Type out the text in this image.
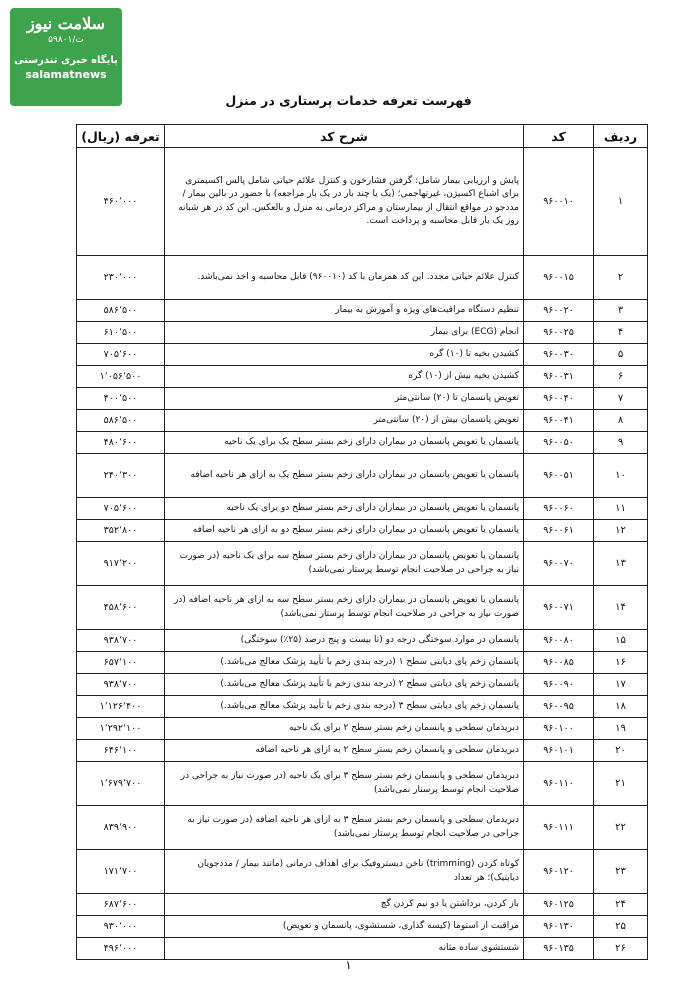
سلامت نیوز
ت/۵۹۸۰۱
پایگاه خبری تندرستی
salamatnews
فهرست تعرفه خدمات پرستاری در منزل
ردیف	کد	شرح کد	تعرفه (ریال)
۱	۹۶۰۰۱۰	پایش و ارزیابی بیمار شامل: گرفتن فشارخون و کنترل علائم حیاتی شامل پالس اکسیمتری برای اشباع اکسیژن، غیرتهاجمی؛ (یک یا چند بار در یک بار مراجعه) با حضور در بالین بیمار / مددجو در مواقع انتقال از بیمارستان و مراکز درمانی به منزل و بالعکس. این کد در هر شبانه روز یک بار قابل محاسبه و پرداخت است.	۴۶۰٬۰۰۰
۲	۹۶۰۰۱۵	کنترل علائم حیاتی مجدد. این کد همزمان با کد (۹۶۰۰۱۰) قابل محاسبه و اخذ نمی‌باشد.	۲۳۰٬۰۰۰
۳	۹۶۰۰۲۰	تنظیم دستگاه مراقبت‌های ویژه و آموزش به بیمار	۵۸۶٬۵۰۰
۴	۹۶۰۰۲۵	انجام (ECG) برای بیمار	۶۱۰٬۵۰۰
۵	۹۶۰۰۳۰	کشیدن بخیه تا (۱۰) گره	۷۰۵٬۶۰۰
۶	۹۶۰۰۳۱	کشیدن بخیه بیش از (۱۰) گره	۱٬۰۵۶٬۵۰۰
۷	۹۶۰۰۴۰	تعویض پانسمان تا (۲۰) سانتی‌متر	۴۰۰٬۵۰۰
۸	۹۶۰۰۴۱	تعویض پانسمان بیش از (۲۰) سانتی‌متر	۵۸۶٬۵۰۰
۹	۹۶۰۰۵۰	پانسمان یا تعویض پانسمان در بیماران دارای زخم بستر سطح یک برای یک ناحیه	۴۸۰٬۶۰۰
۱۰	۹۶۰۰۵۱	پانسمان یا تعویض پانسمان در بیماران دارای زخم بستر سطح یک به ازای هر ناحیه اضافه	۲۴۰٬۳۰۰
۱۱	۹۶۰۰۶۰	پانسمان یا تعویض پانسمان در بیماران دارای زخم بستر سطح دو برای یک ناحیه	۷۰۵٬۶۰۰
۱۲	۹۶۰۰۶۱	پانسمان یا تعویض پانسمان در بیماران دارای زخم بستر سطح دو به ازای هر ناحیه اضافه	۳۵۲٬۸۰۰
۱۳	۹۶۰۰۷۰	پانسمان یا تعویض پانسمان در بیماران دارای زخم بستر سطح سه برای یک ناحیه (در صورت نیاز به جراحی در صلاحیت انجام توسط پرستار نمی‌باشد)	۹۱۷٬۲۰۰
۱۴	۹۶۰۰۷۱	پانسمان یا تعویض پانسمان در بیماران دارای زخم بستر سطح سه به ازای هر ناحیه اضافه (در صورت نیاز به جراحی در صلاحیت انجام توسط پرستار نمی‌باشد)	۴۵۸٬۶۰۰
۱۵	۹۶۰۰۸۰	پانسمان در موارد سوختگی درجه دو (تا بیست و پنج درصد (۲۵٪) سوختگی)	۹۳۸٬۷۰۰
۱۶	۹۶۰۰۸۵	پانسمان زخم پای دیابتی سطح ۱ (درجه بندی زخم با تأیید پزشک معالج می‌باشد.)	۶۵۷٬۱۰۰
۱۷	۹۶۰۰۹۰	پانسمان زخم پای دیابتی سطح ۲ (درجه بندی زخم با تأیید پزشک معالج می‌باشد.)	۹۳۸٬۷۰۰
۱۸	۹۶۰۰۹۵	پانسمان زخم پای دیابتی سطح ۳ (درجه بندی زخم با تأیید پزشک معالج می‌باشد.)	۱٬۱۲۶٬۴۰۰
۱۹	۹۶۰۱۰۰	دبریدمان سطحی و پانسمان زخم بستر سطح ۲ برای یک ناحیه	۱٬۲۹۲٬۱۰۰
۲۰	۹۶۰۱۰۱	دبریدمان سطحی و پانسمان زخم بستر سطح ۲ به ازای هر ناحیه اضافه	۶۴۶٬۱۰۰
۲۱	۹۶۰۱۱۰	دبریدمان سطحی و پانسمان زخم بستر سطح ۳ برای یک ناحیه (در صورت نیاز به جراحی در صلاحیت انجام توسط پرستار نمی‌باشد)	۱٬۶۷۹٬۷۰۰
۲۲	۹۶۰۱۱۱	دبریدمان سطحی و پانسمان زخم بستر سطح ۳ به ازای هر ناحیه اضافه (در صورت نیاز به جراحی در صلاحیت انجام توسط پرستار نمی‌باشد)	۸۳۹٬۹۰۰
۲۳	۹۶۰۱۲۰	کوتاه کردن (trimming) ناخن دیستروفیک برای اهداف درمانی (مانند بیمار / مددجویان دیابتیک)؛ هر تعداد	۱۷۱٬۷۰۰
۲۴	۹۶۰۱۲۵	باز کردن، برداشتن یا دو نیم کردن گچ	۶۸۷٬۶۰۰
۲۵	۹۶۰۱۳۰	مراقبت از استوما (کیسه گذاری، شستشوی، پانسمان و تعویض)	۹۳۰٬۰۰۰
۲۶	۹۶۰۱۳۵	شستشوی ساده مثانه	۴۹۶٬۰۰۰
۱
